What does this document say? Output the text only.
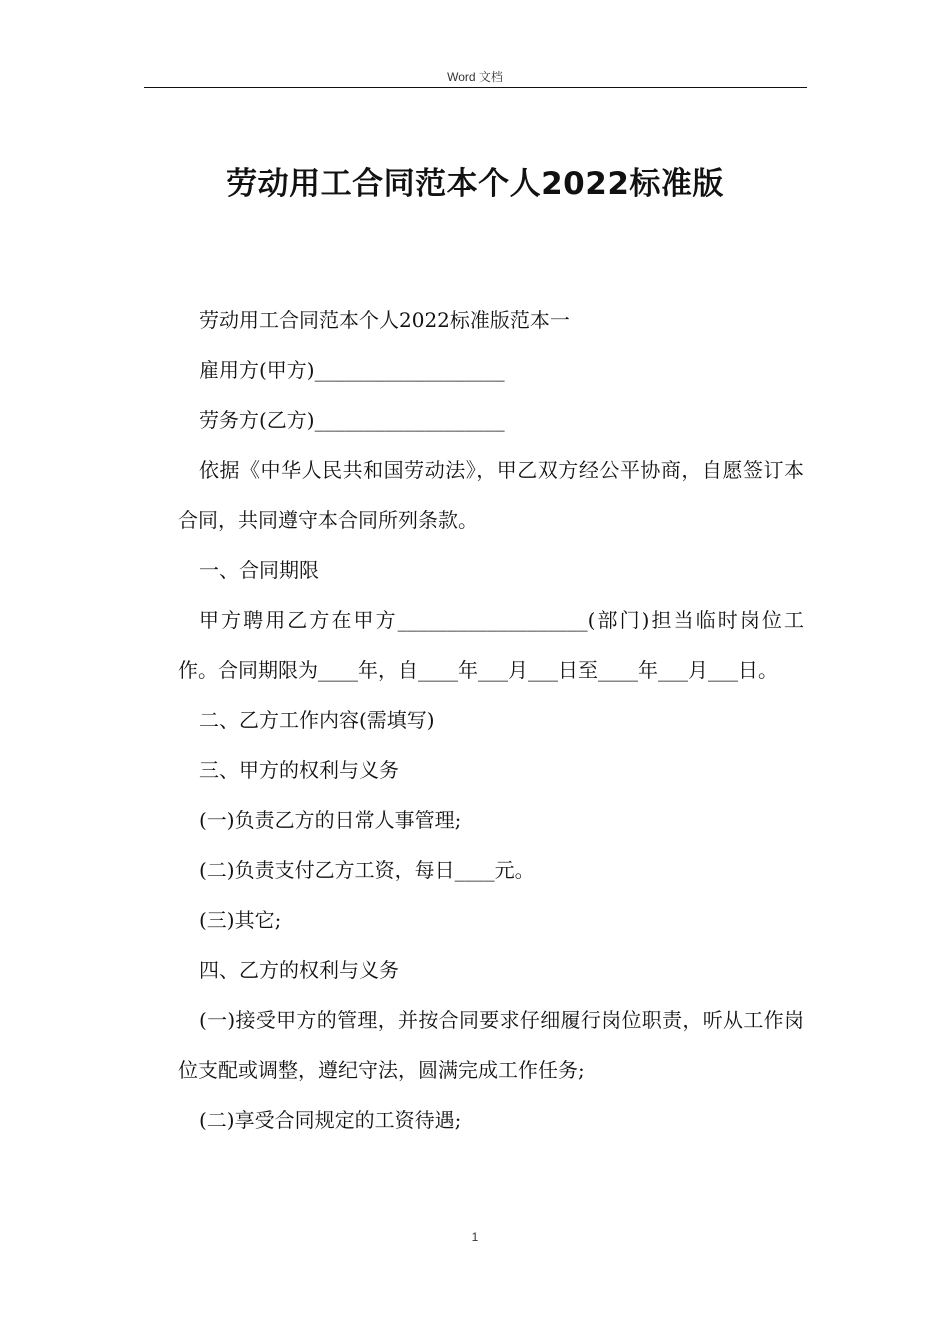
Word 文档
劳动用工合同范本个人2022标准版

劳动用工合同范本个人2022标准版范本一

雇用方(甲方)___________________

劳务方(乙方)___________________

依据《中华人民共和国劳动法》，甲乙双方经公平协商，自愿签订本合同，共同遵守本合同所列条款。

一、合同期限

甲方聘用乙方在甲方___________________(部门)担当临时岗位工作。合同期限为____年，自____年___月___日至____年___月___日。

二、乙方工作内容(需填写)

三、甲方的权利与义务

(一)负责乙方的日常人事管理;

(二)负责支付乙方工资，每日____元。

(三)其它;

四、乙方的权利与义务

(一)接受甲方的管理，并按合同要求仔细履行岗位职责，听从工作岗位支配或调整，遵纪守法，圆满完成工作任务;

(二)享受合同规定的工资待遇;

1
